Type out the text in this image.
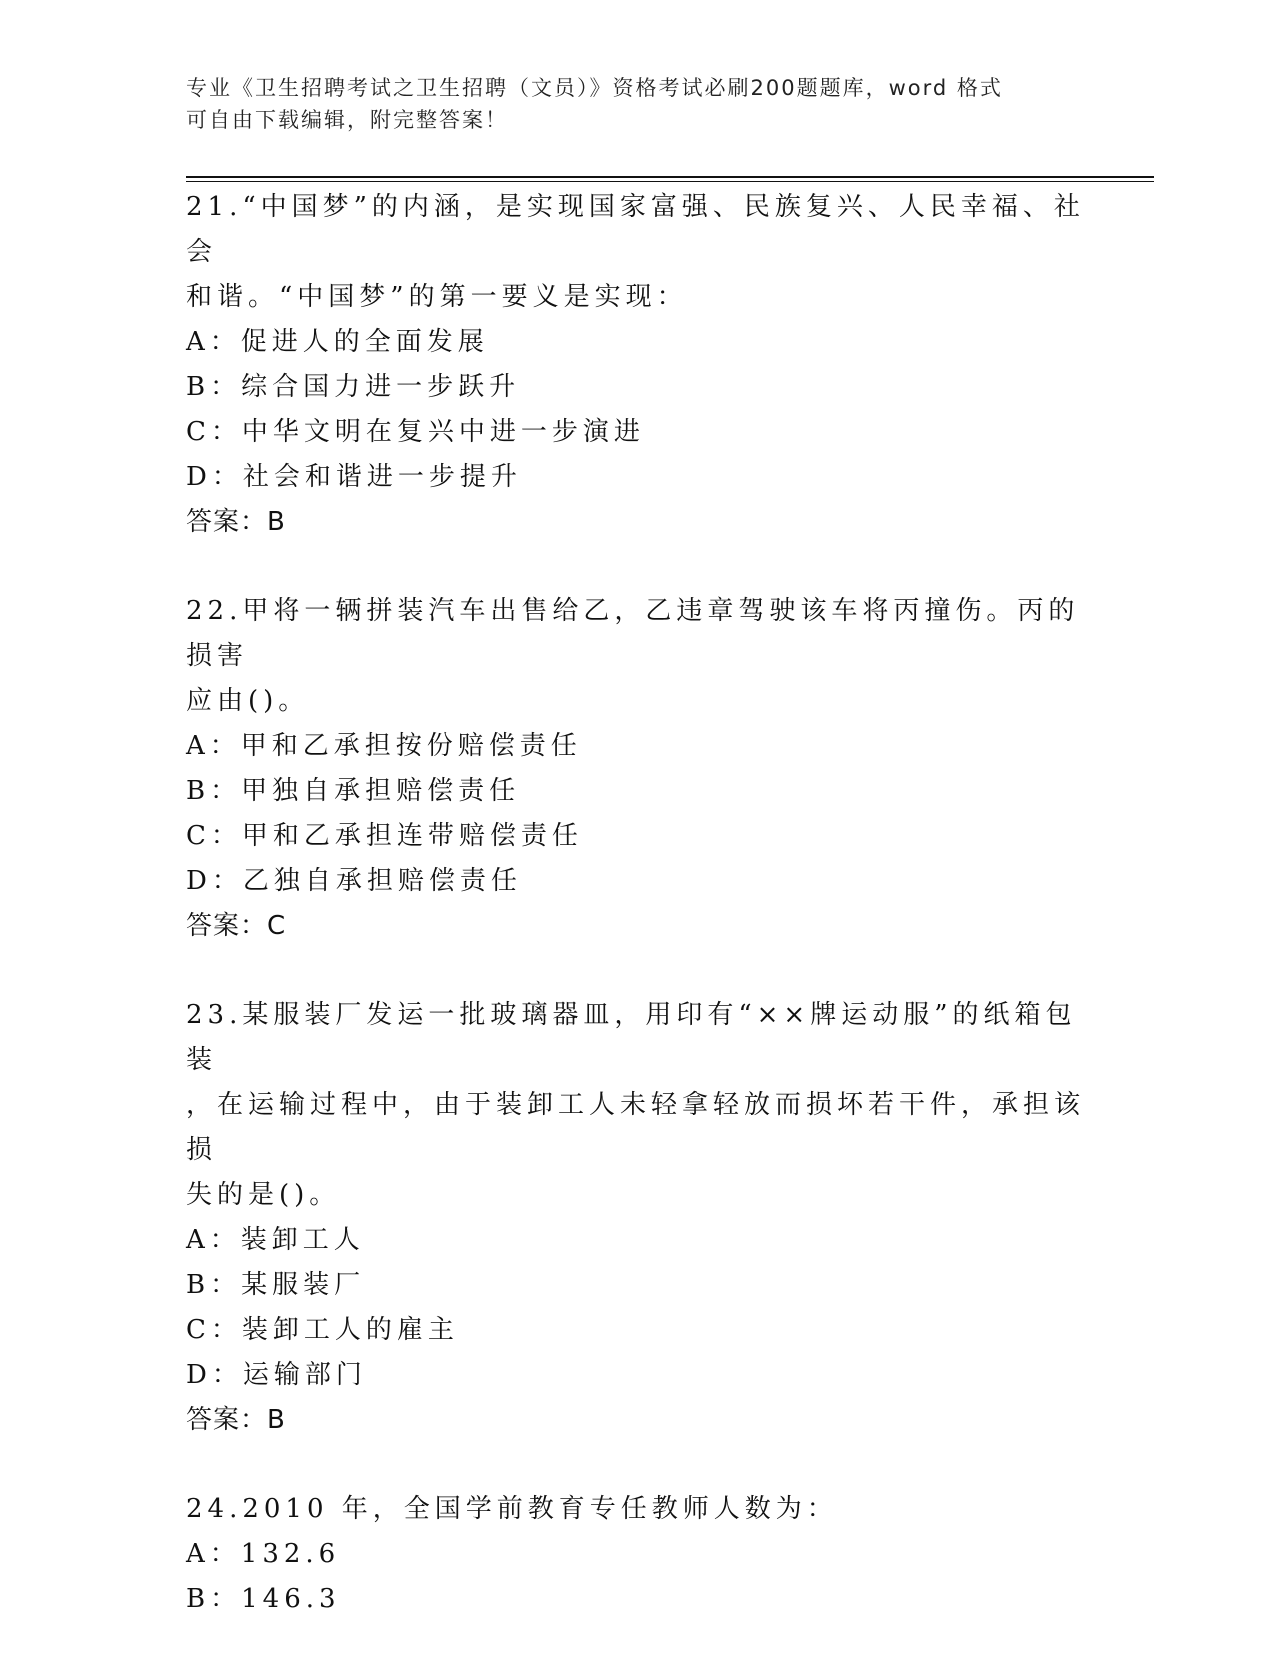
专业《卫生招聘考试之卫生招聘（文员）》资格考试必刷200题题库，word 格式
可自由下载编辑，附完整答案！

21.“中国梦”的内涵，是实现国家富强、民族复兴、人民幸福、社会

和谐。“中国梦”的第一要义是实现：

A：促进人的全面发展

B：综合国力进一步跃升

C：中华文明在复兴中进一步演进

D：社会和谐进一步提升

答案：B

22.甲将一辆拼装汽车出售给乙，乙违章驾驶该车将丙撞伤。丙的损害

应由()。

A：甲和乙承担按份赔偿责任

B：甲独自承担赔偿责任

C：甲和乙承担连带赔偿责任

D：乙独自承担赔偿责任

答案：C

23.某服装厂发运一批玻璃器皿，用印有“××牌运动服”的纸箱包装

，在运输过程中，由于装卸工人未轻拿轻放而损坏若干件，承担该损

失的是()。

A：装卸工人

B：某服装厂

C：装卸工人的雇主

D：运输部门

答案：B

24.2010 年，全国学前教育专任教师人数为：

A：132.6

B：146.3
